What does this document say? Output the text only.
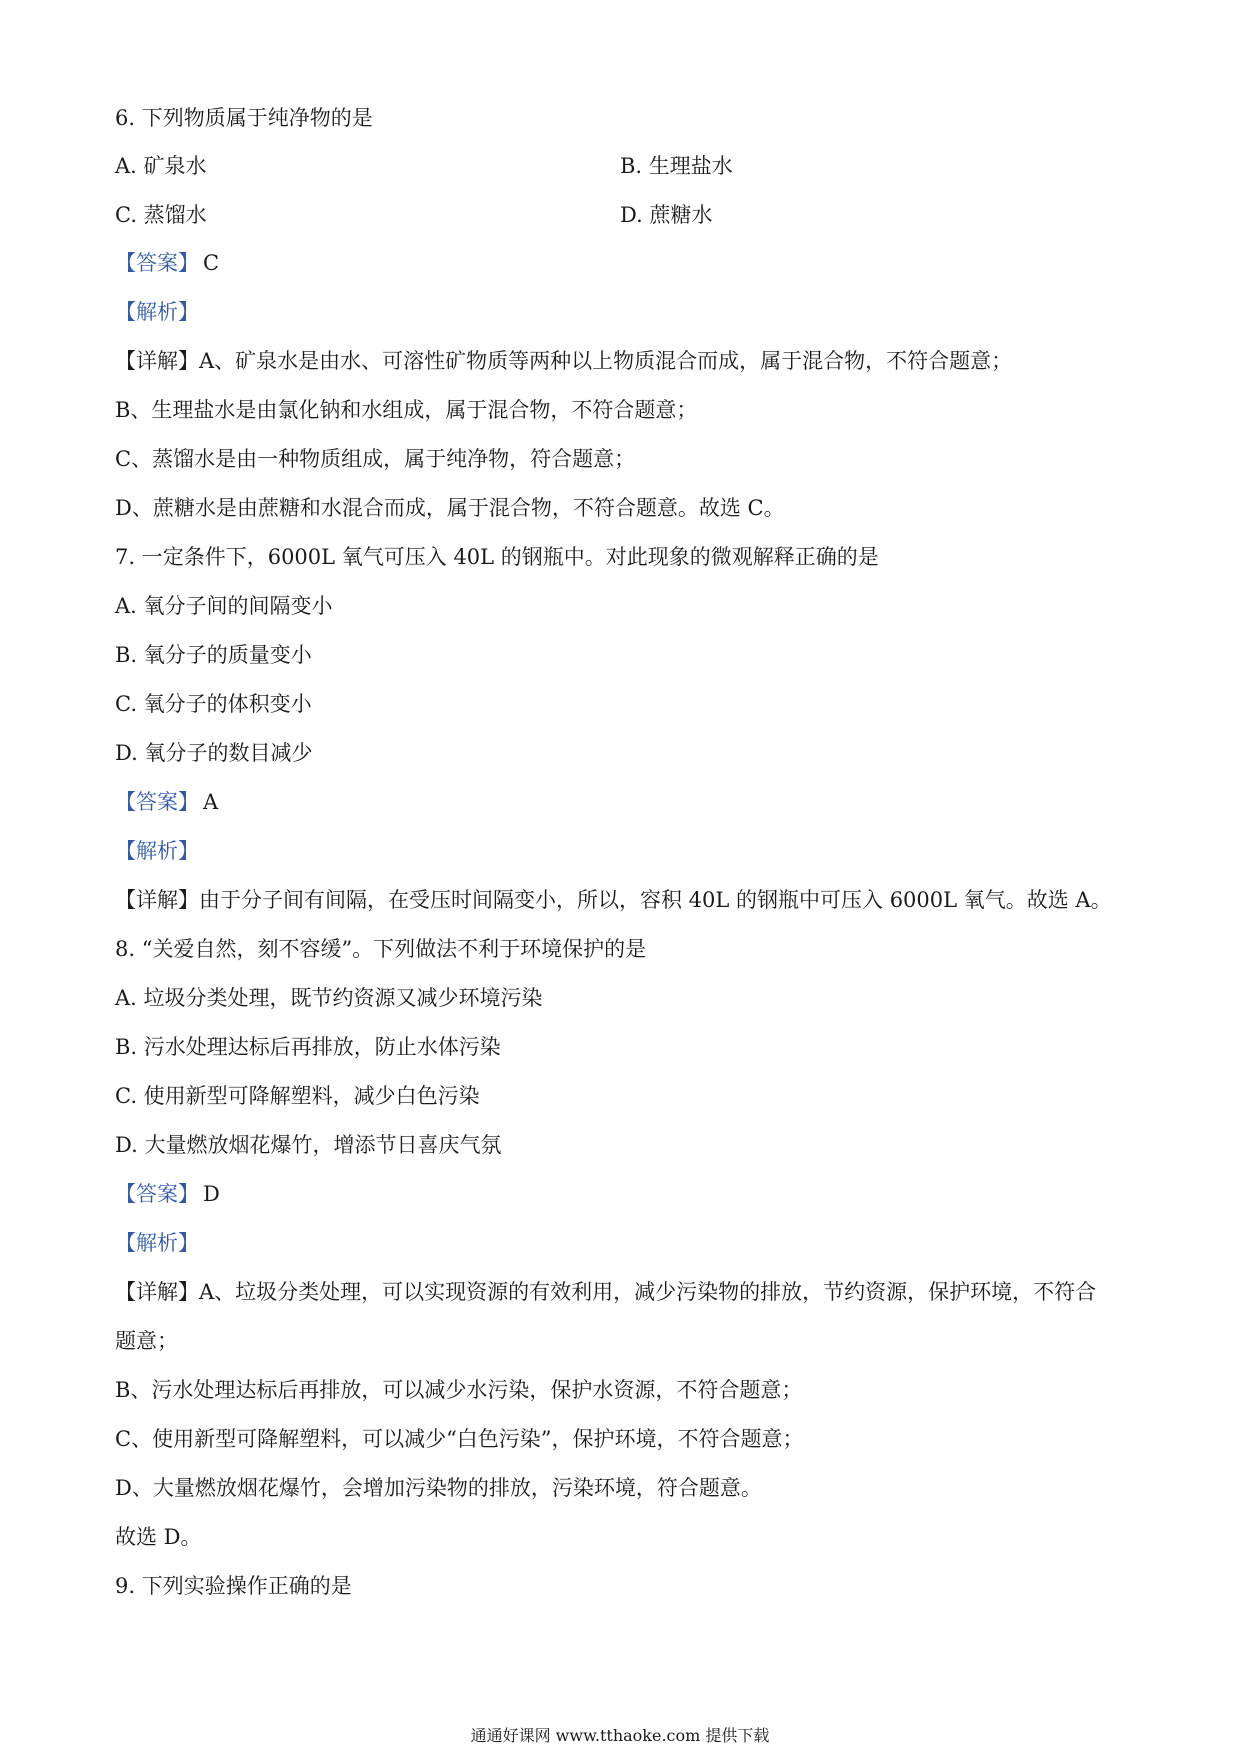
6. 下列物质属于纯净物的是
A. 矿泉水	B. 生理盐水
C. 蒸馏水	D. 蔗糖水
【答案】 C
【解析】
【详解】A、矿泉水是由水、可溶性矿物质等两种以上物质混合而成，属于混合物，不符合题意；
B、生理盐水是由氯化钠和水组成，属于混合物，不符合题意；
C、蒸馏水是由一种物质组成，属于纯净物，符合题意；
D、蔗糖水是由蔗糖和水混合而成，属于混合物，不符合题意。故选 C。
7. 一定条件下，6000L 氧气可压入 40L 的钢瓶中。对此现象的微观解释正确的是
A. 氧分子间的间隔变小
B. 氧分子的质量变小
C. 氧分子的体积变小
D. 氧分子的数目减少
【答案】 A
【解析】
【详解】由于分子间有间隔，在受压时间隔变小，所以，容积 40L 的钢瓶中可压入 6000L 氧气。故选 A。
8. “关爱自然，刻不容缓”。下列做法不利于环境保护的是
A. 垃圾分类处理，既节约资源又减少环境污染
B. 污水处理达标后再排放，防止水体污染
C. 使用新型可降解塑料，减少白色污染
D. 大量燃放烟花爆竹，增添节日喜庆气氛
【答案】 D
【解析】
【详解】A、垃圾分类处理，可以实现资源的有效利用，减少污染物的排放，节约资源，保护环境，不符合
题意；
B、污水处理达标后再排放，可以减少水污染，保护水资源，不符合题意；
C、使用新型可降解塑料，可以减少“白色污染”，保护环境，不符合题意；
D、大量燃放烟花爆竹，会增加污染物的排放，污染环境，符合题意。
故选 D。
9. 下列实验操作正确的是
通通好课网 www.tthaoke.com 提供下载
